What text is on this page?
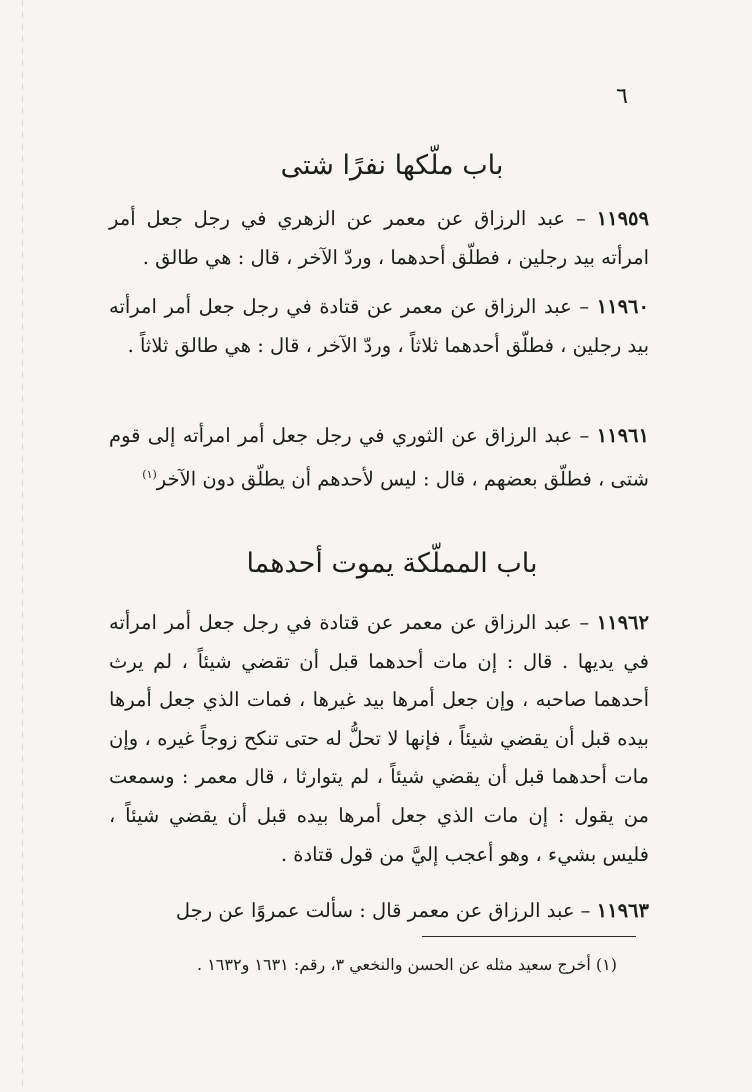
٦
باب ملّكها نفرًا شتى

١١٩٥٩ – عبد الرزاق عن معمر عن الزهري في رجل جعل أمر امرأته بيد رجلين ، فطلّق أحدهما ، وردّ الآخر ، قال : هي طالق .

١١٩٦٠ – عبد الرزاق عن معمر عن قتادة في رجل جعل أمر امرأته بيد رجلين ، فطلّق أحدهما ثلاثاً ، وردّ الآخر ، قال : هي طالق ثلاثاً .

١١٩٦١ – عبد الرزاق عن الثوري في رجل جعل أمر امرأته إلى قوم شتى ، فطلّق بعضهم ، قال : ليس لأحدهم أن يطلّق دون الآخر$^{(١)}$

باب المملّكة يموت أحدهما

١١٩٦٢ – عبد الرزاق عن معمر عن قتادة في رجل جعل أمر امرأته في يديها . قال : إن مات أحدهما قبل أن تقضي شيئاً ، لم يرث أحدهما صاحبه ، وإن جعل أمرها بيد غيرها ، فمات الذي جعل أمرها بيده قبل أن يقضي شيئاً ، فإنها لا تحلُّ له حتى تنكح زوجاً غيره ، وإن مات أحدهما قبل أن يقضي شيئاً ، لم يتوارثا ، قال معمر : وسمعت من يقول : إن مات الذي جعل أمرها بيده قبل أن يقضي شيئاً ، فليس بشيء ، وهو أعجب إليَّ من قول قتادة .

١١٩٦٣ – عبد الرزاق عن معمر قال : سألت عمروًا عن رجل

(١) أخرج سعيد مثله عن الحسن والنخعي ٣، رقم: ١٦٣١ و١٦٣٢ .
